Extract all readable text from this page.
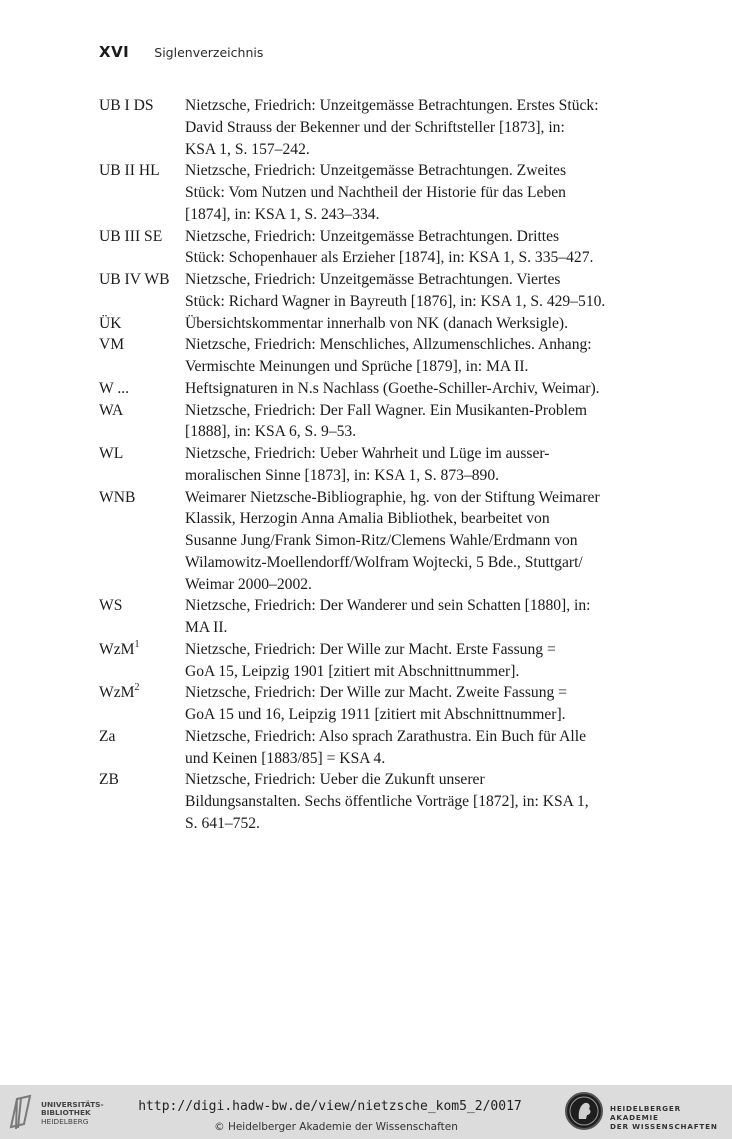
XVI Siglenverzeichnis
UB I DS	Nietzsche, Friedrich: Unzeitgemässe Betrachtungen. Erstes Stück:
David Strauss der Bekenner und der Schriftsteller [1873], in:
KSA 1, S. 157–242.
UB II HL	Nietzsche, Friedrich: Unzeitgemässe Betrachtungen. Zweites
Stück: Vom Nutzen und Nachtheil der Historie für das Leben
[1874], in: KSA 1, S. 243–334.
UB III SE	Nietzsche, Friedrich: Unzeitgemässe Betrachtungen. Drittes
Stück: Schopenhauer als Erzieher [1874], in: KSA 1, S. 335–427.
UB IV WB Nietzsche, Friedrich: Unzeitgemässe Betrachtungen. Viertes
Stück: Richard Wagner in Bayreuth [1876], in: KSA 1, S. 429–510.
ÜK	Übersichtskommentar innerhalb von NK (danach Werksigle).
VM	Nietzsche, Friedrich: Menschliches, Allzumenschliches. Anhang:
Vermischte Meinungen und Sprüche [1879], in: MA II.
W ...	Heftsignaturen in N.s Nachlass (Goethe-Schiller-Archiv, Weimar).
WA	Nietzsche, Friedrich: Der Fall Wagner. Ein Musikanten-Problem
[1888], in: KSA 6, S. 9–53.
WL	Nietzsche, Friedrich: Ueber Wahrheit und Lüge im ausser-
moralischen Sinne [1873], in: KSA 1, S. 873–890.
WNB	Weimarer Nietzsche-Bibliographie, hg. von der Stiftung Weimarer
Klassik, Herzogin Anna Amalia Bibliothek, bearbeitet von
Susanne Jung/Frank Simon-Ritz/Clemens Wahle/Erdmann von
Wilamowitz-Moellendorff/Wolfram Wojtecki, 5 Bde., Stuttgart/
Weimar 2000–2002.
WS	Nietzsche, Friedrich: Der Wanderer und sein Schatten [1880], in:
MA II.
WzM$^1$	Nietzsche, Friedrich: Der Wille zur Macht. Erste Fassung =
GoA 15, Leipzig 1901 [zitiert mit Abschnittnummer].
WzM$^2$	Nietzsche, Friedrich: Der Wille zur Macht. Zweite Fassung =
GoA 15 und 16, Leipzig 1911 [zitiert mit Abschnittnummer].
Za	Nietzsche, Friedrich: Also sprach Zarathustra. Ein Buch für Alle
und Keinen [1883/85] = KSA 4.
ZB	Nietzsche, Friedrich: Ueber die Zukunft unserer
Bildungsanstalten. Sechs öffentliche Vorträge [1872], in: KSA 1,
S. 641–752.
UNIVERSITÄTS-
BIBLIOTHEK
HEIDELBERG
http://digi.hadw-bw.de/view/nietzsche_kom5_2/0017
© Heidelberger Akademie der Wissenschaften
HEIDELBERGER AKADEMIE
DER WISSENSCHAFTEN
